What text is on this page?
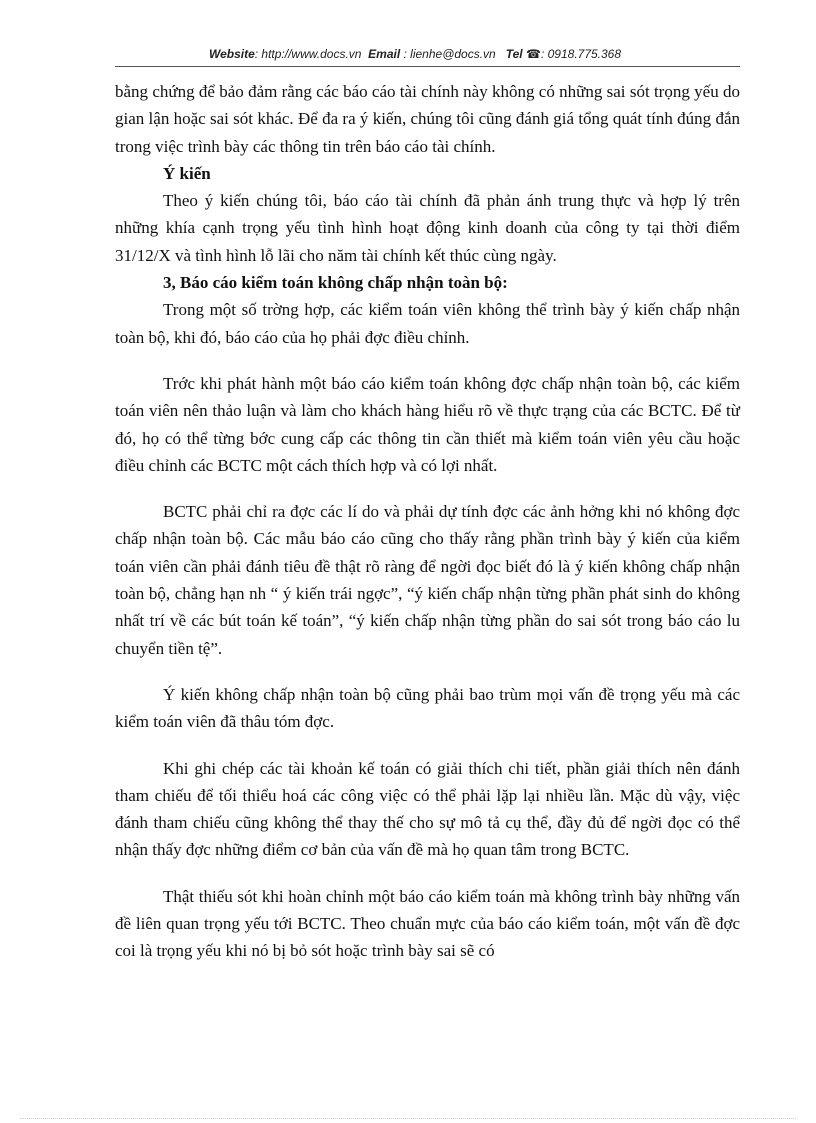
Website: http://www.docs.vn Email : lienhe@docs.vn Tel ☎: 0918.775.368

bằng chứng để bảo đảm rằng các báo cáo tài chính này không có những sai sót trọng yếu do gian lận hoặc sai sót khác. Để đa ra ý kiến, chúng tôi cũng đánh giá tổng quát tính đúng đắn trong việc trình bày các thông tin trên báo cáo tài chính.

Ý kiến

Theo ý kiến chúng tôi, báo cáo tài chính đã phản ánh trung thực và hợp lý trên những khía cạnh trọng yếu tình hình hoạt động kinh doanh của công ty tại thời điểm 31/12/X và tình hình lỗ lãi cho năm tài chính kết thúc cùng ngày.

3, Báo cáo kiểm toán không chấp nhận toàn bộ:

Trong một số trờng hợp, các kiểm toán viên không thể trình bày ý kiến chấp nhận toàn bộ, khi đó, báo cáo của họ phải đợc điều chỉnh.

Trớc khi phát hành một báo cáo kiểm toán không đợc chấp nhận toàn bộ, các kiểm toán viên nên thảo luận và làm cho khách hàng hiểu rõ về thực trạng của các BCTC. Để từ đó, họ có thể từng bớc cung cấp các thông tin cần thiết mà kiểm toán viên yêu cầu hoặc điều chỉnh các BCTC một cách thích hợp và có lợi nhất.

BCTC phải chỉ ra đợc các lí do và phải dự tính đợc các ảnh hởng khi nó không đợc chấp nhận toàn bộ. Các mẫu báo cáo cũng cho thấy rằng phần trình bày ý kiến của kiểm toán viên cần phải đánh tiêu đề thật rõ ràng để ngời đọc biết đó là ý kiến không chấp nhận toàn bộ, chẳng hạn nh “ ý kiến trái ngợc”, “ý kiến chấp nhận từng phần phát sinh do không nhất trí về các bút toán kế toán”, “ý kiến chấp nhận từng phần do sai sót trong báo cáo lu chuyển tiền tệ”.

Ý kiến không chấp nhận toàn bộ cũng phải bao trùm mọi vấn đề trọng yếu mà các kiểm toán viên đã thâu tóm đợc.

Khi ghi chép các tài khoản kế toán có giải thích chi tiết, phần giải thích nên đánh tham chiếu để tối thiểu hoá các công việc có thể phải lặp lại nhiều lần. Mặc dù vậy, việc đánh tham chiếu cũng không thể thay thế cho sự mô tả cụ thể, đầy đủ để ngời đọc có thể nhận thấy đợc những điểm cơ bản của vấn đề mà họ quan tâm trong BCTC.

Thật thiếu sót khi hoàn chỉnh một báo cáo kiểm toán mà không trình bày những vấn đề liên quan trọng yếu tới BCTC. Theo chuẩn mực của báo cáo kiểm toán, một vấn đề đợc coi là trọng yếu khi nó bị bỏ sót hoặc trình bày sai sẽ có
